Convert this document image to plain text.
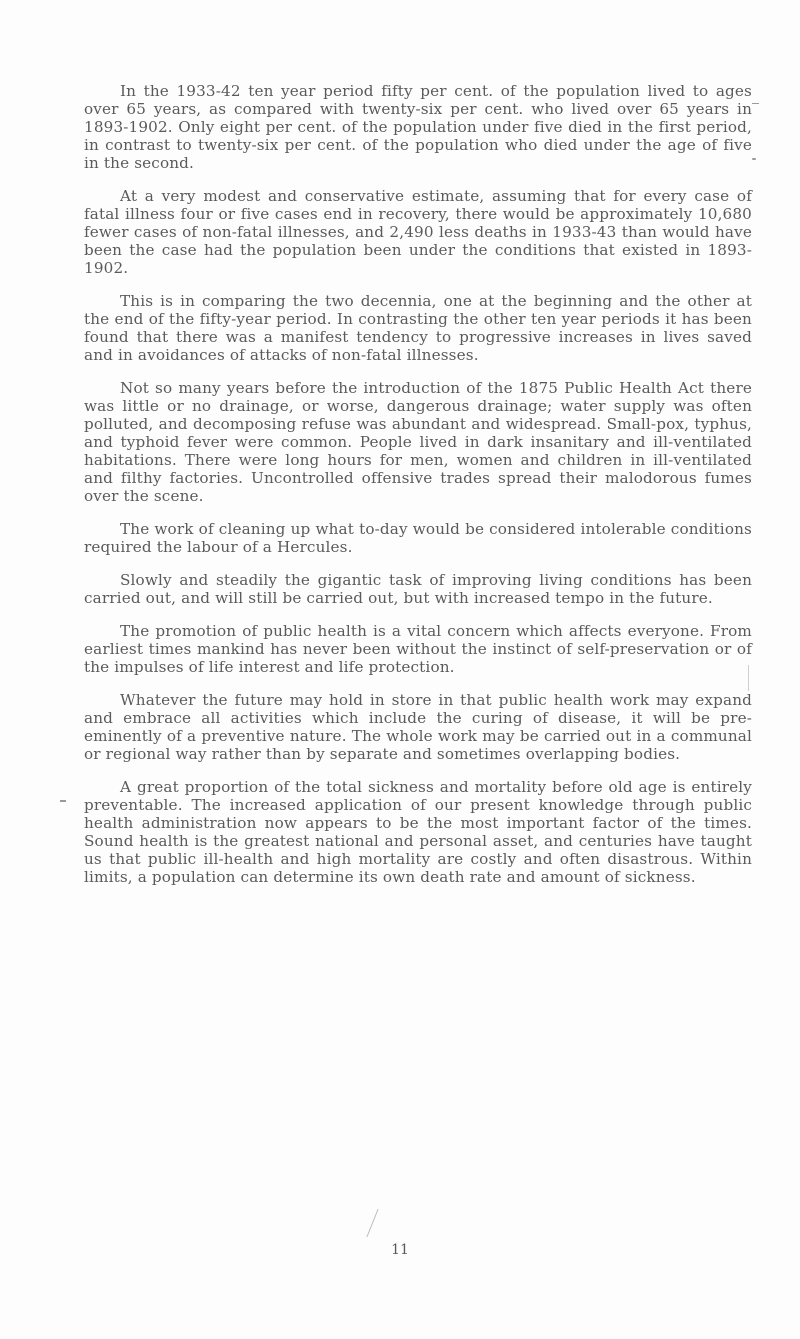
In the 1933-42 ten year period fifty per cent. of the population lived to ages over 65 years, as compared with twenty-six per cent. who lived over 65 years in 1893-1902. Only eight per cent. of the population under five died in the first period, in contrast to twenty-six per cent. of the population who died under the age of five in the second.

At a very modest and conservative estimate, assuming that for every case of fatal illness four or five cases end in recovery, there would be approximately 10,680 fewer cases of non-fatal illnesses, and 2,490 less deaths in 1933-43 than would have been the case had the population been under the conditions that existed in 1893-1902.

This is in comparing the two decennia, one at the beginning and the other at the end of the fifty-year period. In contrasting the other ten year periods it has been found that there was a manifest tendency to progressive increases in lives saved and in avoidances of attacks of non-fatal illnesses.

Not so many years before the introduction of the 1875 Public Health Act there was little or no drainage, or worse, dangerous drainage; water supply was often polluted, and decomposing refuse was abundant and widespread. Small-pox, typhus, and typhoid fever were common. People lived in dark insanitary and ill-ventilated habitations. There were long hours for men, women and children in ill-ventilated and filthy factories. Uncontrolled offensive trades spread their malodorous fumes over the scene.

The work of cleaning up what to-day would be considered intolerable conditions required the labour of a Hercules.

Slowly and steadily the gigantic task of improving living conditions has been carried out, and will still be carried out, but with increased tempo in the future.

The promotion of public health is a vital concern which affects everyone. From earliest times mankind has never been without the instinct of self-preservation or of the impulses of life interest and life protection.

Whatever the future may hold in store in that public health work may expand and embrace all activities which include the curing of disease, it will be pre-eminently of a preventive nature. The whole work may be carried out in a communal or regional way rather than by separate and sometimes overlapping bodies.

A great proportion of the total sickness and mortality before old age is entirely preventable. The increased application of our present knowledge through public health administration now appears to be the most important factor of the times. Sound health is the greatest national and personal asset, and centuries have taught us that public ill-health and high mortality are costly and often disastrous. Within limits, a population can determine its own death rate and amount of sickness.

11
